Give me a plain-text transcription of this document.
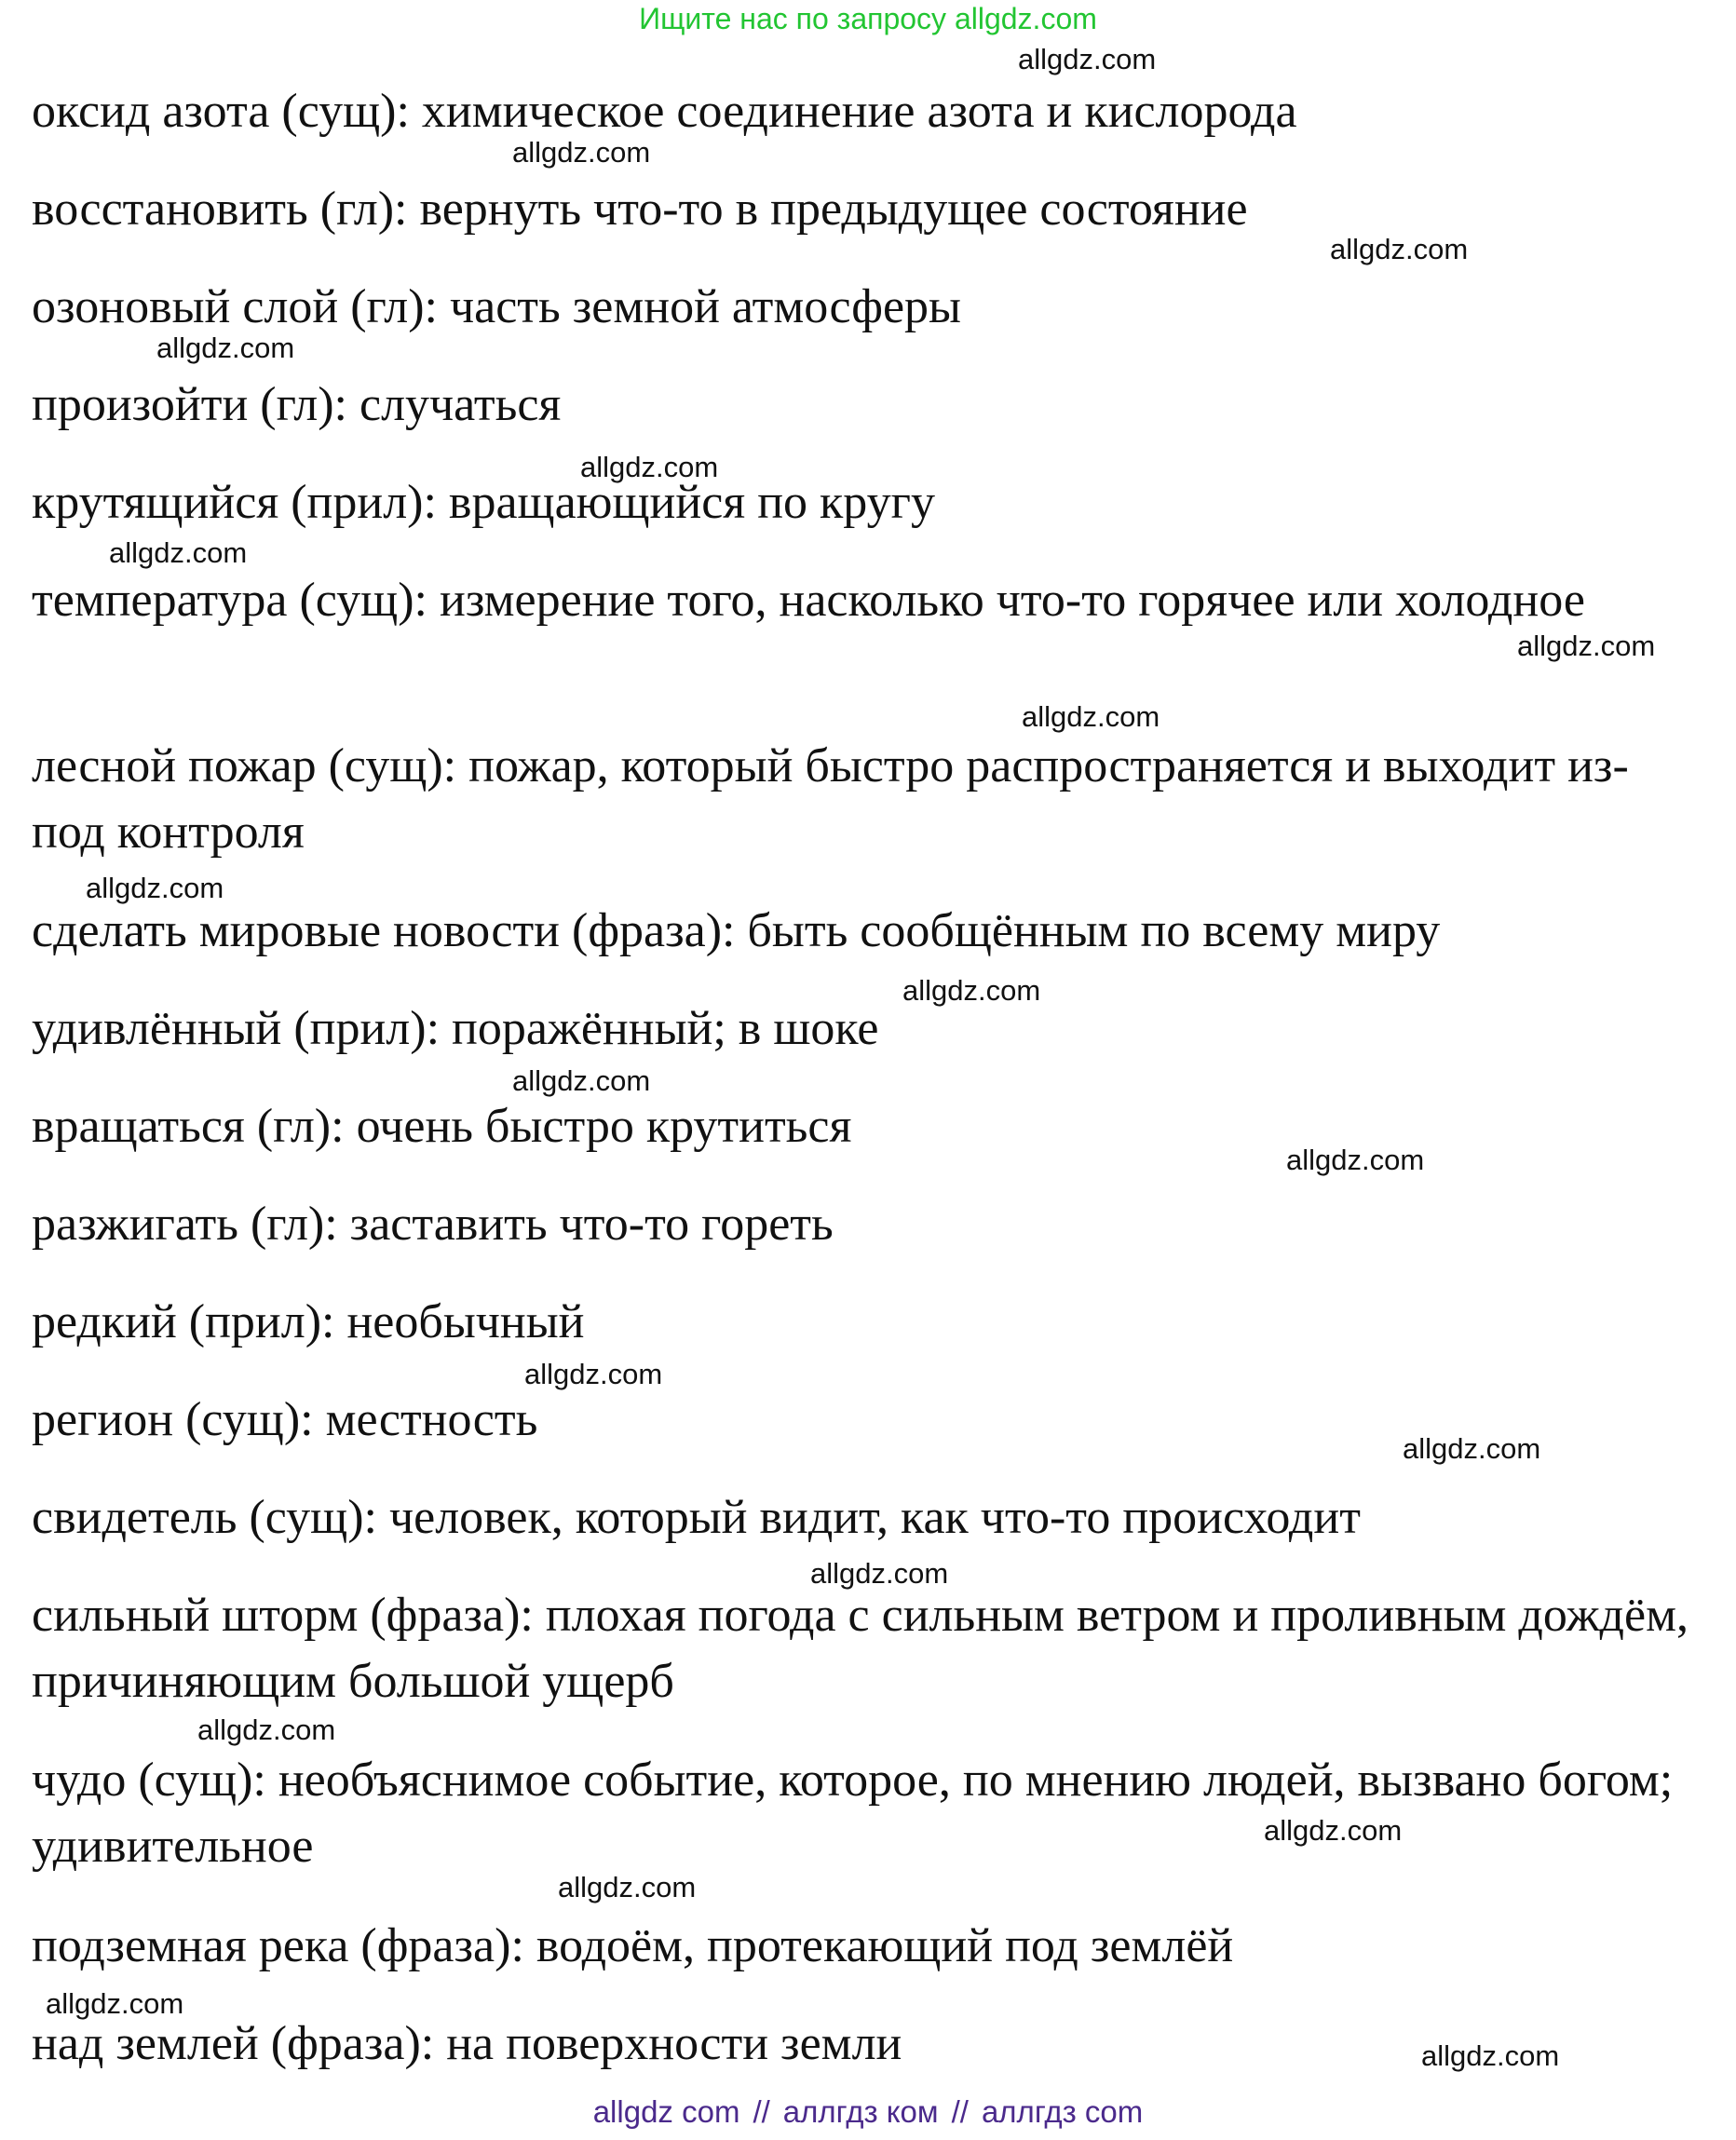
Ищите нас по запросу allgdz.com
оксид азота (сущ): химическое соединение азота и кислорода
восстановить (гл): вернуть что-то в предыдущее состояние
озоновый слой (гл): часть земной атмосферы
произойти (гл): случаться
крутящийся (прил): вращающийся по кругу
температура (сущ): измерение того, насколько что-то горячее или холодное
лесной пожар (сущ): пожар, который быстро распространяется и выходит из-под контроля
сделать мировые новости (фраза): быть сообщённым по всему миру
удивлённый (прил): поражённый; в шоке
вращаться (гл): очень быстро крутиться
разжигать (гл): заставить что-то гореть
редкий (прил): необычный
регион (сущ): местность
свидетель (сущ): человек, который видит, как что-то происходит
сильный шторм (фраза): плохая погода с сильным ветром и проливным дождём, причиняющим большой ущерб
чудо (сущ): необъяснимое событие, которое, по мнению людей, вызвано богом; удивительное
подземная река (фраза): водоём, протекающий под землёй
над землей (фраза): на поверхности земли
allgdz.com
allgdz.com
allgdz.com
allgdz.com
allgdz.com
allgdz.com
allgdz.com
allgdz.com
allgdz.com
allgdz.com
allgdz.com
allgdz.com
allgdz.com
allgdz.com
allgdz.com
allgdz.com
allgdz.com
allgdz.com
allgdz.com
allgdz.com
allgdz com // аллгдз ком // аллгдз com
